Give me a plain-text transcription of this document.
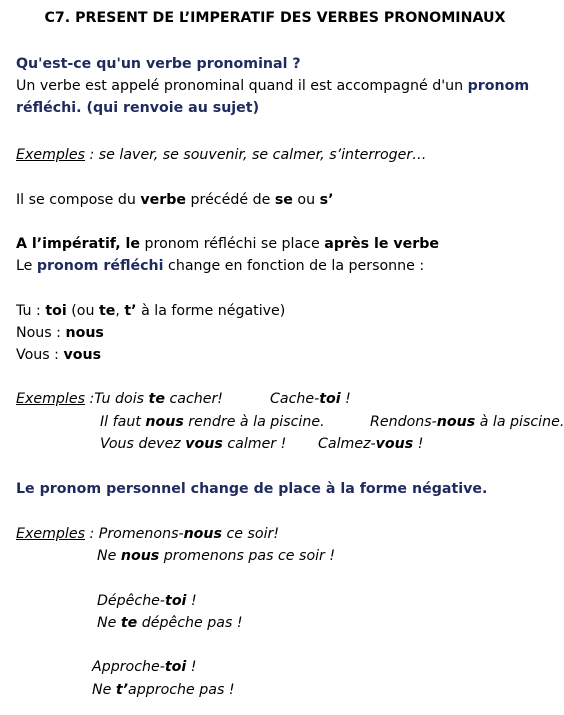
C7. PRESENT DE L’IMPERATIF DES VERBES PRONOMINAUX
Qu'est-ce qu'un verbe pronominal ?
Un verbe est appelé pronominal quand il est accompagné d'un pronom
réfléchi. (qui renvoie au sujet)
Exemples : se laver, se souvenir, se calmer, s’interroger…
Il se compose du verbe précédé de se ou s’
A l’impératif, le pronom réfléchi se place après le verbe
Le pronom réfléchi change en fonction de la personne :
Tu : toi (ou te, t’ à la forme négative)
Nous : nous
Vous : vous
Exemples :Tu dois te cacher!	Cache-toi !
Il faut nous rendre à la piscine.	Rendons-nous à la piscine.
Vous devez vous calmer ! Calmez-vous !
Le pronom personnel change de place à la forme négative.
Exemples : Promenons-nous ce soir!
Ne nous promenons pas ce soir !
Dépêche-toi !
Ne te dépêche pas !
Approche-toi !
Ne t’approche pas !
